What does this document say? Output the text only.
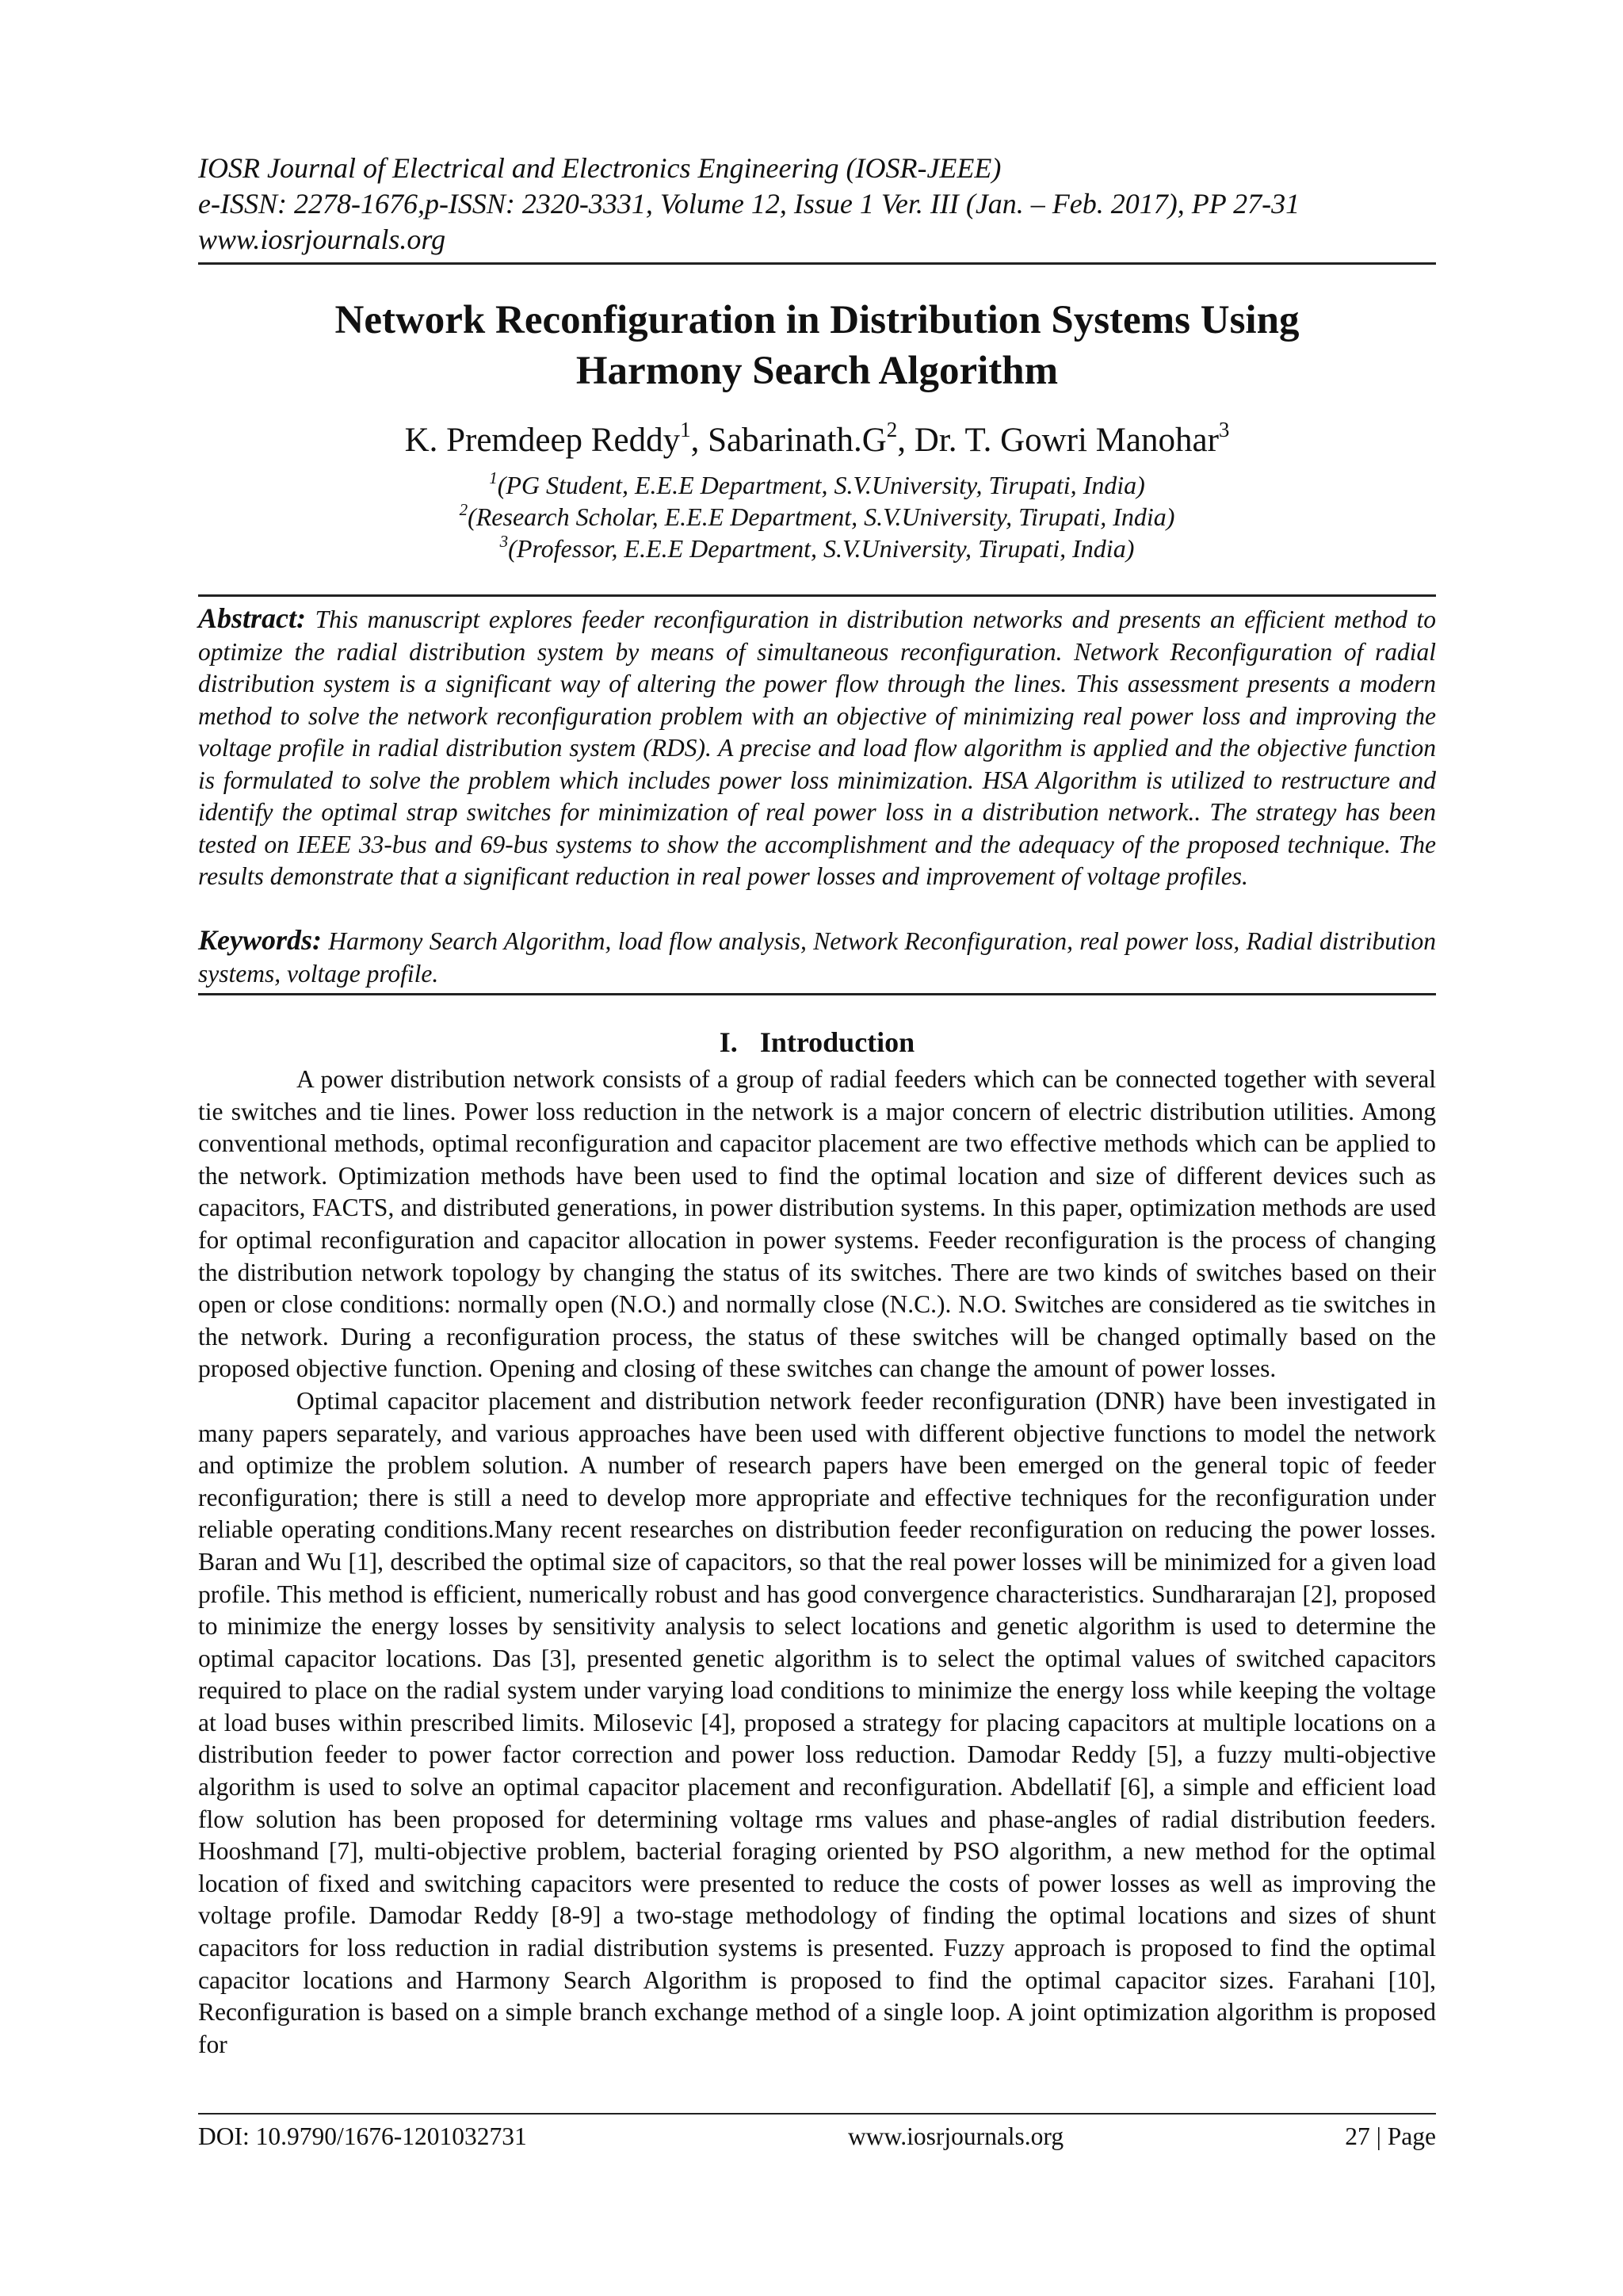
IOSR Journal of Electrical and Electronics Engineering (IOSR-JEEE)
e-ISSN: 2278-1676,p-ISSN: 2320-3331, Volume 12, Issue 1 Ver. III (Jan. – Feb. 2017), PP 27-31
www.iosrjournals.org
Network Reconfiguration in Distribution Systems Using
Harmony Search Algorithm
K. Premdeep Reddy$^1$, $Sabarinath.G^2$, Dr. T. Gowri Manohar$^3$
$^1$(PG Student, E.E.E Department, S.V.University, Tirupati, India)
$^2$(Research Scholar, E.E.E Department, S.V.University, Tirupati, India)
$^3$(Professor, E.E.E Department, S.V.University, Tirupati, India)
Abstract: This manuscript explores feeder reconfiguration in distribution networks and presents an efficient method to optimize the radial distribution system by means of simultaneous reconfiguration. Network Reconfiguration of radial distribution system is a significant way of altering the power flow through the lines. This assessment presents a modern method to solve the network reconfiguration problem with an objective of minimizing real power loss and improving the voltage profile in radial distribution system (RDS). A precise and load flow algorithm is applied and the objective function is formulated to solve the problem which includes power loss minimization. HSA Algorithm is utilized to restructure and identify the optimal strap switches for minimization of real power loss in a distribution network.. The strategy has been tested on IEEE 33-bus and 69-bus systems to show the accomplishment and the adequacy of the proposed technique. The results demonstrate that a significant reduction in real power losses and improvement of voltage profiles.
Keywords: Harmony Search Algorithm, load flow analysis, Network Reconfiguration, real power loss, Radial distribution systems, voltage profile.
I. Introduction

A power distribution network consists of a group of radial feeders which can be connected together with several tie switches and tie lines. Power loss reduction in the network is a major concern of electric distribution utilities. Among conventional methods, optimal reconfiguration and capacitor placement are two effective methods which can be applied to the network. Optimization methods have been used to find the optimal location and size of different devices such as capacitors, FACTS, and distributed generations, in power distribution systems. In this paper, optimization methods are used for optimal reconfiguration and capacitor allocation in power systems. Feeder reconfiguration is the process of changing the distribution network topology by changing the status of its switches. There are two kinds of switches based on their open or close conditions: normally open (N.O.) and normally close (N.C.). N.O. Switches are considered as tie switches in the network. During a reconfiguration process, the status of these switches will be changed optimally based on the proposed objective function. Opening and closing of these switches can change the amount of power losses.

Optimal capacitor placement and distribution network feeder reconfiguration (DNR) have been investigated in many papers separately, and various approaches have been used with different objective functions to model the network and optimize the problem solution. A number of research papers have been emerged on the general topic of feeder reconfiguration; there is still a need to develop more appropriate and effective techniques for the reconfiguration under reliable operating conditions.Many recent researches on distribution feeder reconfiguration on reducing the power losses. Baran and Wu [1], described the optimal size of capacitors, so that the real power losses will be minimized for a given load profile. This method is efficient, numerically robust and has good convergence characteristics. Sundhararajan [2], proposed to minimize the energy losses by sensitivity analysis to select locations and genetic algorithm is used to determine the optimal capacitor locations. Das [3], presented genetic algorithm is to select the optimal values of switched capacitors required to place on the radial system under varying load conditions to minimize the energy loss while keeping the voltage at load buses within prescribed limits. Milosevic [4], proposed a strategy for placing capacitors at multiple locations on a distribution feeder to power factor correction and power loss reduction. Damodar Reddy [5], a fuzzy multi-objective algorithm is used to solve an optimal capacitor placement and reconfiguration. Abdellatif [6], a simple and efficient load flow solution has been proposed for determining voltage rms values and phase-angles of radial distribution feeders. Hooshmand [7], multi-objective problem, bacterial foraging oriented by PSO algorithm, a new method for the optimal location of fixed and switching capacitors were presented to reduce the costs of power losses as well as improving the voltage profile. Damodar Reddy [8-9] a two-stage methodology of finding the optimal locations and sizes of shunt capacitors for loss reduction in radial distribution systems is presented. Fuzzy approach is proposed to find the optimal capacitor locations and Harmony Search Algorithm is proposed to find the optimal capacitor sizes. Farahani [10], Reconfiguration is based on a simple branch exchange method of a single loop. A joint optimization algorithm is proposed for

DOI: 10.9790/1676-1201032731	www.iosrjournals.org	27 | Page
